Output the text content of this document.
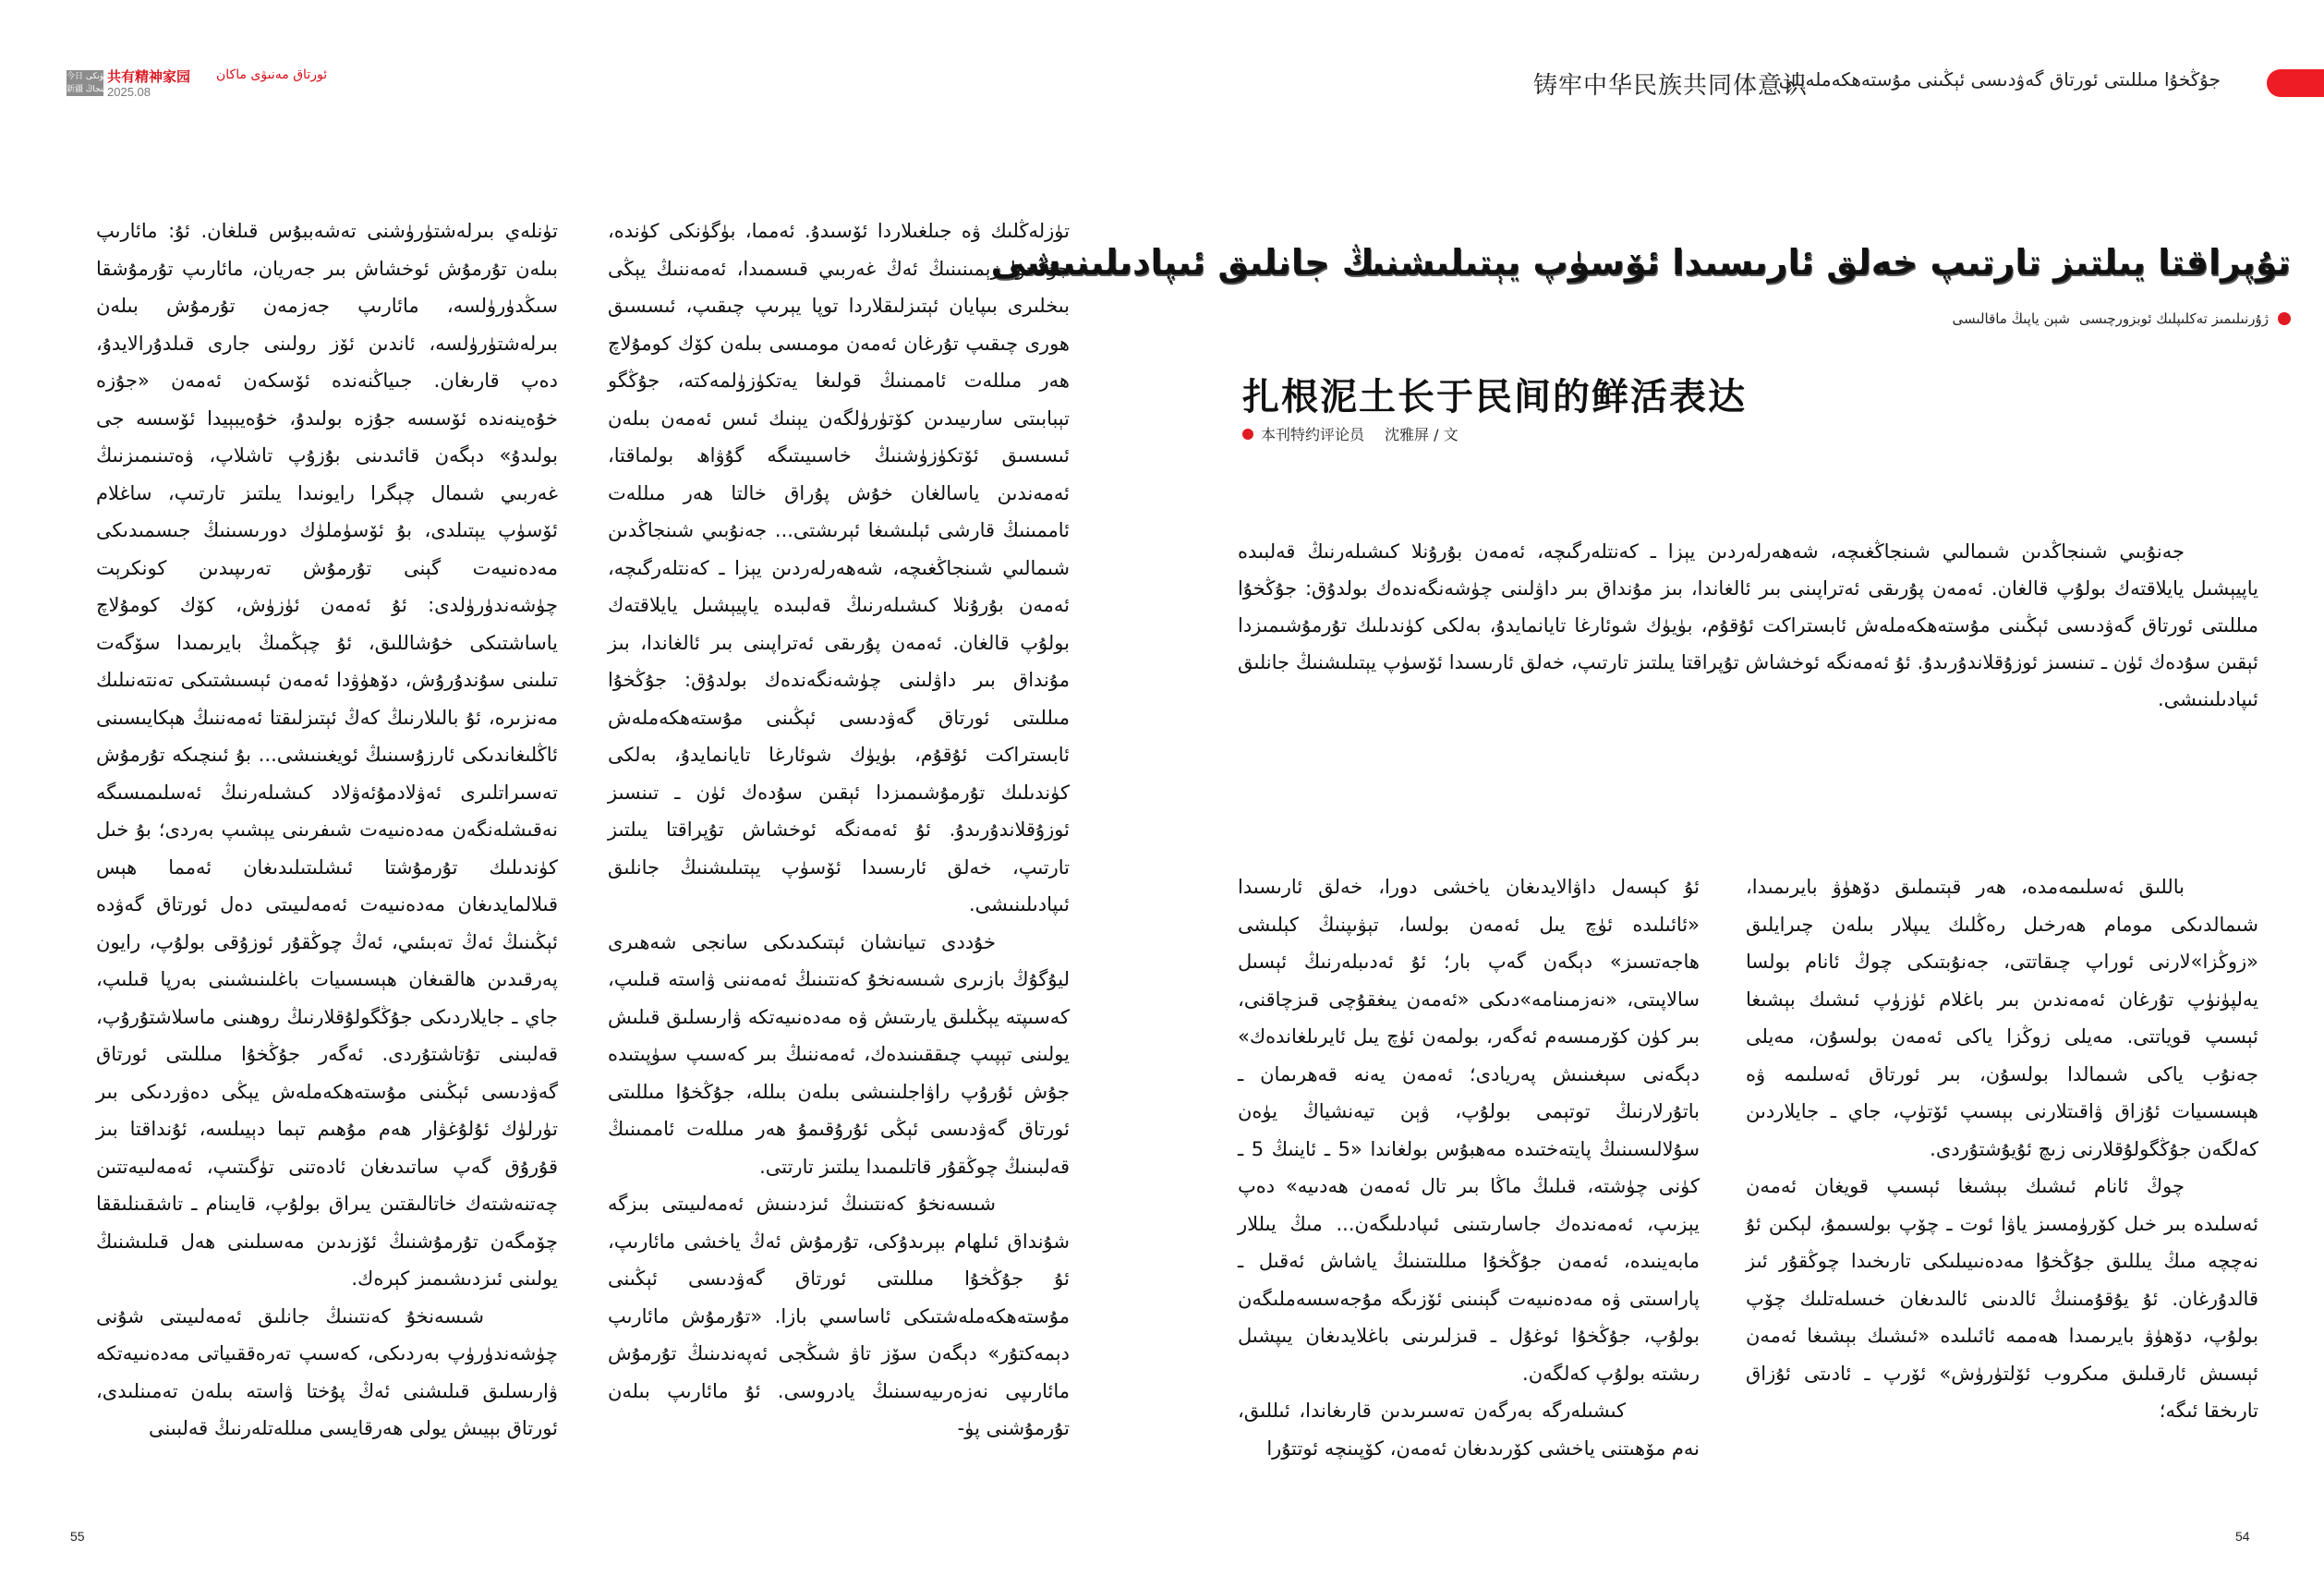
今日 بۈگۈنكى
新疆 شىنجاڭ
共有精神家园 ئورتاق مەنىۋى ماكان
2025.08	铸牢中华民族共同体意识
جۇڭخۇا مىللىتى ئورتاق گەۋدىسى ئېڭىنى مۇستەھكەملەيلى
تۇپراقتا يىلتىز تارتىپ خەلق ئارىسىدا ئۆسۈپ يېتىلىشنىڭ جانلىق ئىپادىلىنىشى
ژۇرنىلىمىز تەكلىپلىك ئوبزورچىسى
شېن ياپىڭ ماقالىسى
扎根泥土长于民间的鲜活表达
本刊特约评论员 沈雅屏 / 文

جەنۇبىي شىنجاڭدىن شىمالىي شىنجاڭغىچە، شەھەرلەردىن يېزا ـ كەنتلەرگىچە، ئەمەن بۇرۇنلا كىشىلەرنىڭ قەلبىدە ياپيېشىل يايلاقتەك بولۇپ قالغان. ئەمەن پۇرىقى ئەتراپىنى بىر ئالغاندا، بىز مۇنداق بىر داۋلىنى چۈشەنگەندەك بولدۇق: جۇڭخۇا مىللىتى ئورتاق گەۋدىسى ئېڭىنى مۇستەھكەملەش ئابستراكت ئۇقۇم، بۈيۈك شوئارغا تايانمايدۇ، بەلكى كۈندىلىك تۇرمۇشىمىزدا ئېقىن سۇدەك ئۈن ـ تىنسىز ئوزۇقلاندۇرىدۇ. ئۇ ئەمەنگە ئوخشاش تۇپراقتا يىلتىز تارتىپ، خەلق ئارىسىدا ئۆسۈپ يېتىلىشنىڭ جانلىق ئىپادىلىنىشى.

باللىق ئەسلىمەمدە، ھەر قېتىملىق دۆھۈۋ بايرىمىدا، شىمالدىكى مومام ھەرخىل رەڭلىك يىپلار بىلەن چىرايلىق «زوڭزا»لارنى ئوراپ چىقاتتى، جەنۇبتىكى چوڭ ئانام بولسا يەلپۈنۈپ تۇرغان ئەمەندىن بىر باغلام ئۈزۈپ ئىشىك بېشىغا ئېسىپ قوياتتى. مەيلى زوڭزا ياكى ئەمەن بولسۇن، مەيلى جەنۇب ياكى شىمالدا بولسۇن، بىر ئورتاق ئەسلىمە ۋە ھېسسىيات ئۇزاق ۋاقىتلارنى بېسىپ ئۆتۈپ، جاي ـ جايلاردىن كەلگەن جۇڭگولۇقلارنى زىچ ئۇيۇشتۇردى.

چوڭ ئانام ئىشىك بېشىغا ئېسىپ قويغان ئەمەن ئەسلىدە بىر خىل كۆرۈمسىز ياۋا ئوت ـ چۆپ بولسىمۇ، لېكىن ئۇ نەچچە مىڭ يىللىق جۇڭخۇا مەدەنىيىلىكى تارىخىدا چوڭقۇر ئىز قالدۇرغان. ئۇ يۇقۇمىنىڭ ئالدىنى ئالىدىغان خىسلەتلىك چۆپ بولۇپ، دۆھۈۋ بايرىمىدا ھەممە ئائىلىدە «ئىشىك بېشىغا ئەمەن ئېسىش ئارقىلىق مىكروب ئۆلتۈرۈش» ئۆرپ ـ ئادىتى ئۇزاق تارىخقا ئىگە؛

ئۇ كېسەل داۋالايدىغان ياخشى دورا، خەلق ئارىسىدا «ئائىلىدە ئۈچ يىل ئەمەن بولسا، تېۋىپنىڭ كېلىشى ھاجەتسىز» دېگەن گەپ بار؛ ئۇ ئەدىبلەرنىڭ ئېسىل سالاپىتى، «نەزمىنامە»دىكى «ئەمەن يىغقۇچى قىزچاقنى، بىر كۈن كۆرمىسەم ئەگەر، بولمەن ئۈچ يىل ئايرىلغاندەك» دېگەنى سېغىنىش پەريادى؛ ئەمەن يەنە قەھرىمان ـ باتۇرلارنىڭ توتېمى بولۇپ، ۋېن تيەنشياڭ يۈەن سۇلالىسىنىڭ پايتەختىدە مەھبۇس بولغاندا «5 ـ ئاينىڭ 5 ـ كۈنى چۈشتە، قىلىڭ ماڭا بىر تال ئەمەن ھەدىيە» دەپ يېزىپ، ئەمەندەك جاسارىتىنى ئىپادىلىگەن... مىڭ يىللار مابەينىدە، ئەمەن جۇڭخۇا مىللىتىنىڭ ياشاش ئەقىل ـ پاراسىتى ۋە مەدەنىيەت گېنىنى ئۆزىگە مۇجەسسەملىگەن بولۇپ، جۇڭخۇا ئوغۇل ـ قىزلىرىنى باغلايدىغان يىپشىل رىشتە بولۇپ كەلگەن.

كىشىلەرگە بەرگەن تەسىرىدىن قارىغاندا، ئىللىق، نەم مۆھىتنى ياخشى كۆرىدىغان ئەمەن، كۆپىنچە ئوتتۇرا

تۈزلەڭلىك ۋە جىلغىلاردا ئۆسىدۇ. ئەمما، بۈگۈنكى كۈندە، جۇڭخۇا زېمىنىنىڭ ئەڭ غەربىي قىسمىدا، ئەمەننىڭ يېڭى بىخلىرى بىپايان ئېتىزلىقلاردا توپا يېرىپ چىقىپ، ئىسسىق ھورى چىقىپ تۇرغان ئەمەن مومىسى بىلەن كۆك كومۇلاچ ھەر مىللەت ئاممىنىڭ قولىغا يەتكۈزۈلمەكتە، جۇڭگو تېبابىتى سارىيىدىن كۆتۈرۈلگەن يېنىك ئىس ئەمەن بىلەن ئىسسىق ئۆتكۈزۈشنىڭ خاسىيىتىگە گۇۋاھ بولماقتا، ئەمەندىن ياسالغان خۇش پۇراق خالتا ھەر مىللەت ئاممىنىڭ قارشى ئېلىشىغا ئېرىشتى... جەنۇبىي شىنجاڭدىن شىمالىي شىنجاڭغىچە، شەھەرلەردىن يېزا ـ كەنتلەرگىچە، ئەمەن بۇرۇنلا كىشىلەرنىڭ قەلبىدە ياپيېشىل يايلاقتەك بولۇپ قالغان. ئەمەن پۇرىقى ئەتراپىنى بىر ئالغاندا، بىز مۇنداق بىر داۋلىنى چۈشەنگەندەك بولدۇق: جۇڭخۇا مىللىتى ئورتاق گەۋدىسى ئېڭىنى مۇستەھكەملەش ئابستراكت ئۇقۇم، بۈيۈك شوئارغا تايانمايدۇ، بەلكى كۈندىلىك تۇرمۇشىمىزدا ئېقىن سۇدەك ئۈن ـ تىنسىز ئوزۇقلاندۇرىدۇ. ئۇ ئەمەنگە ئوخشاش تۇپراقتا يىلتىز تارتىپ، خەلق ئارىسىدا ئۆسۈپ يېتىلىشنىڭ جانلىق ئىپادىلىنىشى.

خۇددى تىيانشان ئېتىكىدىكى سانجى شەھىرى ليۇگۇڭ بازىرى شىسەنخۇ كەنتىنىڭ ئەمەننى ۋاستە قىلىپ، كەسىپتە يېڭىلىق يارىتىش ۋە مەدەنىيەتكە ۋارىسلىق قىلىش يولىنى تېپىپ چىققىنىدەك، ئەمەننىڭ بىر كەسىپ سۈپىتىدە جۇش ئۇرۇپ راۋاجلىنىشى بىلەن بىللە، جۇڭخۇا مىللىتى ئورتاق گەۋدىسى ئېڭى ئۇرۇقىمۇ ھەر مىللەت ئاممىنىڭ قەلبىنىڭ چوڭقۇر قاتلىمىدا يىلتىز تارتتى.

شىسەنخۇ كەنتىنىڭ ئىزدىنىش ئەمەلىيىتى بىزگە شۇنداق ئىلھام بېرىدۇكى، تۇرمۇش ئەڭ ياخشى مائارىپ، ئۇ جۇڭخۇا مىللىتى ئورتاق گەۋدىسى ئېڭىنى مۇستەھكەملەشتىكى ئاساسىي بازا. «تۇرمۇش مائارىپ دېمەكتۇر» دېگەن سۆز تاۋ شىڭجى ئەپەندىنىڭ تۇرمۇش مائارىپى نەزەرىيەسىنىڭ يادروسى. ئۇ مائارىپ بىلەن تۇرمۇشنى پۈ-

تۈنلەي بىرلەشتۈرۈشنى تەشەببۇس قىلغان. ئۇ: مائارىپ بىلەن تۇرمۇش ئوخشاش بىر جەريان، مائارىپ تۇرمۇشقا سىڭدۈرۈلسە، مائارىپ جەزمەن تۇرمۇش بىلەن بىرلەشتۈرۈلسە، ئاندىن ئۆز رولىنى جارى قىلدۇرالايدۇ، دەپ قارىغان. جىياڭنەندە ئۆسكەن ئەمەن «جۇزە خۇەينەندە ئۆسسە جۇزە بولىدۇ، خۇەيبېيدا ئۆسسە جى بولىدۇ» دېگەن قائىدىنى بۇزۇپ تاشلاپ، ۋەتىنىمىزنىڭ غەربىي شىمال چېگرا رايونىدا يىلتىز تارتىپ، ساغلام ئۆسۈپ يېتىلدى، بۇ ئۆسۈملۈك دورىسىنىڭ جىسمىدىكى مەدەنىيەت گېنى تۇرمۇش تەرىپىدىن كونكرېت چۈشەندۈرۈلدى: ئۇ ئەمەن ئۈزۈش، كۆك كومۇلاچ ياساشتىكى خۇشاللىق، ئۇ چېڭمىڭ بايرىمىدا سۆگەت تىلىنى سۇندۇرۇش، دۆھۈۋدا ئەمەن ئېسىشتىكى تەنتەنىلىك مەنزىرە، ئۇ بالىلارنىڭ كەڭ ئېتىزلىقتا ئەمەننىڭ ھېكايىسىنى ئاڭلىغاندىكى ئارزۇسىنىڭ ئويغىنىشى... بۇ ئىنچىكە تۇرمۇش تەسىراتلىرى ئەۋلادمۇئەۋلاد كىشىلەرنىڭ ئەسلىمىسىگە نەقىشلەنگەن مەدەنىيەت شىفرىنى يېشىپ بەردى؛ بۇ خىل كۈندىلىك تۇرمۇشتا ئىشلىتىلىدىغان ئەمما ھېس قىلالمايدىغان مەدەنىيەت ئەمەلىيىتى دەل ئورتاق گەۋدە ئېڭىنىڭ ئەڭ تەبىئىي، ئەڭ چوڭقۇر ئوزۇقى بولۇپ، رايون پەرقىدىن ھالقىغان ھېسسىيات باغلىنىشىنى بەرپا قىلىپ، جاي ـ جايلاردىكى جۇڭگولۇقلارنىڭ روھىنى ماسلاشتۇرۇپ، قەلبىنى تۇتاشتۇردى. ئەگەر جۇڭخۇا مىللىتى ئورتاق گەۋدىسى ئېڭىنى مۇستەھكەملەش يېڭى دەۋردىكى بىر تۈرلۈك ئۇلۇغۋار ھەم مۇھىم تېما دېيىلسە، ئۇنداقتا بىز قۇرۇق گەپ ساتىدىغان ئادەتنى تۈگىتىپ، ئەمەلىيەتتىن چەتنەشتەك خاتالىقتىن يىراق بولۇپ، قايىنام ـ تاشقىنلىققا چۆمگەن تۇرمۇشنىڭ ئۆزىدىن مەسىلىنى ھەل قىلىشنىڭ يولىنى ئىزدىشىمىز كېرەك.

شىسەنخۇ كەنتىنىڭ جانلىق ئەمەلىيىتى شۇنى چۈشەندۈرۈپ بەردىكى، كەسىپ تەرەققىياتى مەدەنىيەتكە ۋارىسلىق قىلىشنى ئەڭ پۇختا ۋاستە بىلەن تەمىنلىدى، ئورتاق بېيىش يولى ھەرقايسى مىللەتلەرنىڭ قەلبىنى

55	54
